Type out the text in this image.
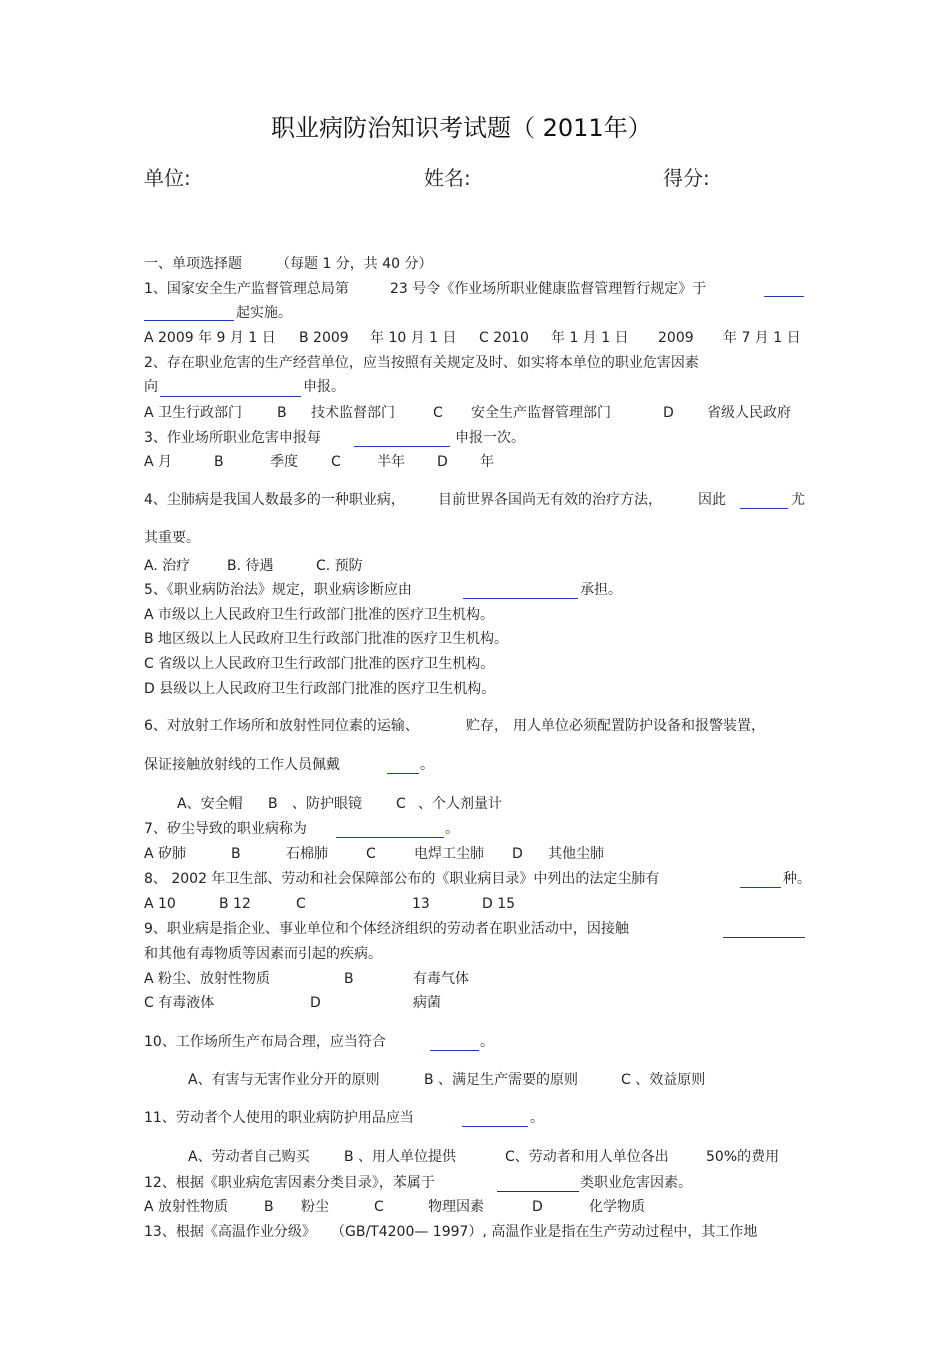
职业病防治知识考试题（ 2011年）
单位:	姓名:	得分:
一、单项选择题 （每题 1 分，共 40 分）
1、国家安全生产监督管理总局第	23 号令《作业场所职业健康监督管理暂行规定》于
起实施。
A 2009 年 9 月 1 日 B 2009 年 10 月 1 日 C 2010 年 1 月 1 日 2009 年 7 月 1 日
2、存在职业危害的生产经营单位，应当按照有关规定及时、如实将本单位的职业危害因素
向	申报。
A 卫生行政部门 B 技术监督部门	C 安全生产监督管理部门	D 省级人民政府
3、作业场所职业危害申报每	申报一次。
A 月	B	季度 C	半年 D 年
4、尘肺病是我国人数最多的一种职业病， 目前世界各国尚无有效的治疗方法，	因此	尤
其重要。
A. 治疗	B. 待遇	C. 预防
5、《职业病防治法》规定，职业病诊断应由	承担。
A 市级以上人民政府卫生行政部门批准的医疗卫生机构。
B 地区级以上人民政府卫生行政部门批准的医疗卫生机构。
C 省级以上人民政府卫生行政部门批准的医疗卫生机构。
D 县级以上人民政府卫生行政部门批准的医疗卫生机构。
6、对放射工作场所和放射性同位素的运输、	贮存， 用人单位必须配置防护设备和报警装置，
保证接触放射线的工作人员佩戴	。
A、安全帽 B 、防护眼镜 C 、个人剂量计
7、矽尘导致的职业病称为	。
A 矽肺	B	石棉肺	C	电焊工尘肺 D 其他尘肺
8、 2002 年卫生部、劳动和社会保障部公布的《职业病目录》中列出的法定尘肺有	种。
A 10	B 12	C	13	D 15
9、职业病是指企业、事业单位和个体经济组织的劳动者在职业活动中，因接触
和其他有毒物质等因素而引起的疾病。
A 粉尘、放射性物质	B	有毒气体
C 有毒液体	D	病菌
10、工作场所生产布局合理，应当符合	。
A、有害与无害作业分开的原则	B 、满足生产需要的原则	C 、效益原则
11、劳动者个人使用的职业病防护用品应当	。
A、劳动者自己购买 B 、用人单位提供	C、劳动者和用人单位各出	50%的费用
12、根据《职业病危害因素分类目录》，苯属于	类职业危害因素。
A 放射性物质	B 粉尘	C	物理因素	D	化学物质
13、根据《高温作业分级》 （GB/T4200— 1997）, 高温作业是指在生产劳动过程中，其工作地
